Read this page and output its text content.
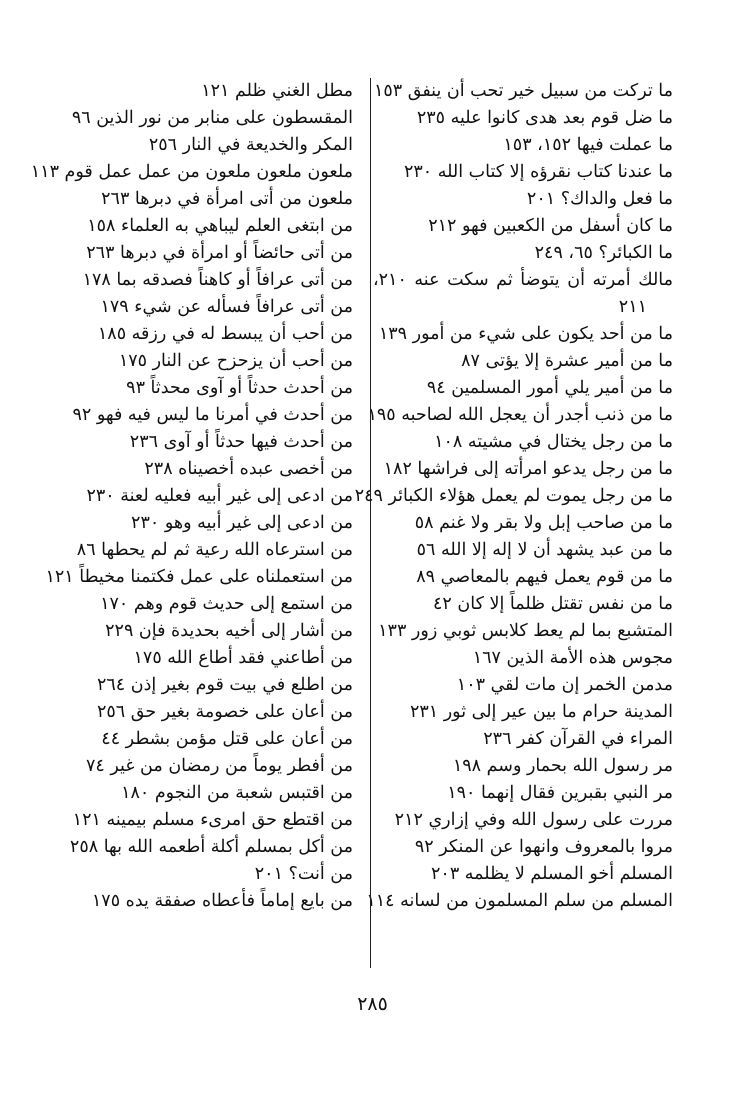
ما تركت من سبيل خير تحب أن ينفق ١٥٣
ما ضل قوم بعد هدى كانوا عليه ٢٣٥
ما عملت فيها ١٥٢، ١٥٣
ما عندنا كتاب نقرؤه إلا كتاب الله ٢٣٠
ما فعل والداك؟ ٢٠١
ما كان أسفل من الكعبين فهو ٢١٢
ما الكبائر؟ ٦٥، ٢٤٩
مالك أمرته أن يتوضأ ثم سكت عنه ٢١٠،
٢١١
ما من أحد يكون على شيء من أمور ١٣٩
ما من أمير عشرة إلا يؤتى ٨٧
ما من أمير يلي أمور المسلمين ٩٤
ما من ذنب أجدر أن يعجل الله لصاحبه ١٩٥
ما من رجل يختال في مشيته ١٠٨
ما من رجل يدعو امرأته إلى فراشها ١٨٢
ما من رجل يموت لم يعمل هؤلاء الكبائر ٢٤٩
ما من صاحب إبل ولا بقر ولا غنم ٥٨
ما من عبد يشهد أن لا إله إلا الله ٥٦
ما من قوم يعمل فيهم بالمعاصي ٨٩
ما من نفس تقتل ظلماً إلا كان ٤٢
المتشبع بما لم يعط كلابس ثوبي زور ١٣٣
مجوس هذه الأمة الذين ١٦٧
مدمن الخمر إن مات لقي ١٠٣
المدينة حرام ما بين عير إلى ثور ٢٣١
المراء في القرآن كفر ٢٣٦
مر رسول الله بحمار وسم ١٩٨
مر النبي بقبرين فقال إنهما ١٩٠
مررت على رسول الله وفي إزاري ٢١٢
مروا بالمعروف وانهوا عن المنكر ٩٢
المسلم أخو المسلم لا يظلمه ٢٠٣
المسلم من سلم المسلمون من لسانه ١١٤
مطل الغني ظلم ١٢١
المقسطون على منابر من نور الذين ٩٦
المكر والخديعة في النار ٢٥٦
ملعون ملعون ملعون من عمل عمل قوم ١١٣
ملعون من أتى امرأة في دبرها ٢٦٣
من ابتغى العلم ليباهي به العلماء ١٥٨
من أتى حائضاً أو امرأة في دبرها ٢٦٣
من أتى عرافاً أو كاهناً فصدقه بما ١٧٨
من أتى عرافاً فسأله عن شيء ١٧٩
من أحب أن يبسط له في رزقه ١٨٥
من أحب أن يزحزح عن النار ١٧٥
من أحدث حدثاً أو آوى محدثاً ٩٣
من أحدث في أمرنا ما ليس فيه فهو ٩٢
من أحدث فيها حدثاً أو آوى ٢٣٦
من أخصى عبده أخصيناه ٢٣٨
من ادعى إلى غير أبيه فعليه لعنة ٢٣٠
من ادعى إلى غير أبيه وهو ٢٣٠
من استرعاه الله رعية ثم لم يحطها ٨٦
من استعملناه على عمل فكتمنا مخيطاً ١٢١
من استمع إلى حديث قوم وهم ١٧٠
من أشار إلى أخيه بحديدة فإن ٢٢٩
من أطاعني فقد أطاع الله ١٧٥
من اطلع في بيت قوم بغير إذن ٢٦٤
من أعان على خصومة بغير حق ٢٥٦
من أعان على قتل مؤمن بشطر ٤٤
من أفطر يوماً من رمضان من غير ٧٤
من اقتبس شعبة من النجوم ١٨٠
من اقتطع حق امرىء مسلم بيمينه ١٢١
من أكل بمسلم أكلة أطعمه الله بها ٢٥٨
من أنت؟ ٢٠١
من بايع إماماً فأعطاه صفقة يده ١٧٥
٢٨٥
